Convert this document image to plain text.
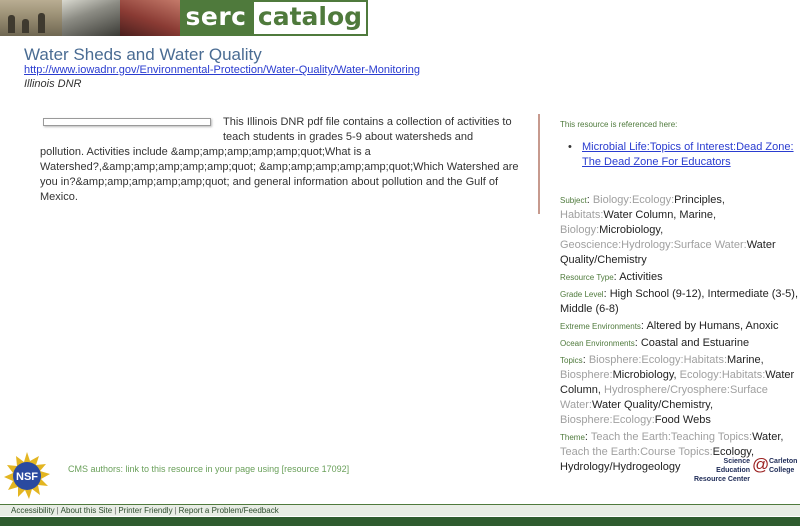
serc catalog
Water Sheds and Water Quality
http://www.iowadnr.gov/Environmental-Protection/Water-Quality/Water-Monitoring
Illinois DNR
This Illinois DNR pdf file contains a collection of activities to teach students in grades 5-9 about watersheds and pollution. Activities include &amp;amp;amp;amp;amp;quot;What is a Watershed?,&amp;amp;amp;amp;amp;quot; &amp;amp;amp;amp;amp;quot;Which Watershed are you in?&amp;amp;amp;amp;amp;quot; and general information about pollution and the Gulf of Mexico.
This resource is referenced here:
• Microbial Life:Topics of Interest:Dead Zone: The Dead Zone For Educators
Subject: Biology:Ecology:Principles, Habitats:Water Column, Marine, Biology:Microbiology, Geoscience:Hydrology:Surface Water:Water Quality/Chemistry
Resource Type: Activities
Grade Level: High School (9-12), Intermediate (3-5), Middle (6-8)
Extreme Environments: Altered by Humans, Anoxic
Ocean Environments: Coastal and Estuarine
Topics: Biosphere:Ecology:Habitats:Marine, Biosphere:Microbiology, Ecology:Habitats:Water Column, Hydrosphere/Cryosphere:Surface Water:Water Quality/Chemistry, Biosphere:Ecology:Food Webs
Theme: Teach the Earth:Teaching Topics:Water, Teach the Earth:Course Topics:Ecology, Hydrology/Hydrogeology
NSF
CMS authors: link to this resource in your page using [resource 17092]
Science Education
Resource Center
@ Carleton
College
Accessibility | About this Site | Printer Friendly | Report a Problem/Feedback
